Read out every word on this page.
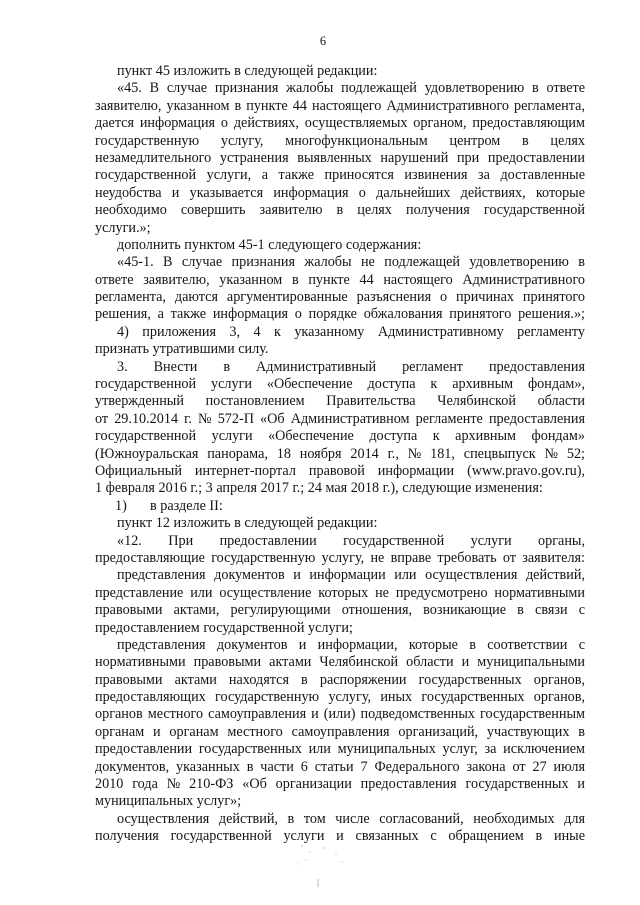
6
пункт 45 изложить в следующей редакции:
«45. В случае признания жалобы подлежащей удовлетворению в ответе
заявителю, указанном в пункте 44 настоящего Административного регламента,
дается информация о действиях, осуществляемых органом, предоставляющим
государственную услугу, многофункциональным центром в целях
незамедлительного устранения выявленных нарушений при предоставлении
государственной услуги, а также приносятся извинения за доставленные
неудобства и указывается информация о дальнейших действиях, которые
необходимо совершить заявителю в целях получения государственной
услуги.»;
дополнить пунктом 45-1 следующего содержания:
«45-1. В случае признания жалобы не подлежащей удовлетворению в
ответе заявителю, указанном в пункте 44 настоящего Административного
регламента, даются аргументированные разъяснения о причинах принятого
решения, а также информация о порядке обжалования принятого решения.»;
4) приложения 3, 4 к указанному Административному регламенту
признать утратившими силу.
3. Внести в Административный регламент предоставления
государственной услуги «Обеспечение доступа к архивным фондам»,
утвержденный постановлением Правительства Челябинской области
от 29.10.2014 г. № 572-П «Об Административном регламенте предоставления
государственной услуги «Обеспечение доступа к архивным фондам»
(Южноуральская панорама, 18 ноября 2014 г., № 181, спецвыпуск № 52;
Официальный интернет-портал правовой информации (www.pravo.gov.ru),
1 февраля 2016 г.; 3 апреля 2017 г.; 24 мая 2018 г.), следующие изменения:
1) в разделе II:
пункт 12 изложить в следующей редакции:
«12. При предоставлении государственной услуги органы,
предоставляющие государственную услугу, не вправе требовать от заявителя:
представления документов и информации или осуществления действий,
представление или осуществление которых не предусмотрено нормативными
правовыми актами, регулирующими отношения, возникающие в связи с
предоставлением государственной услуги;
представления документов и информации, которые в соответствии с
нормативными правовыми актами Челябинской области и муниципальными
правовыми актами находятся в распоряжении государственных органов,
предоставляющих государственную услугу, иных государственных органов,
органов местного самоуправления и (или) подведомственных государственным
органам и органам местного самоуправления организаций, участвующих в
предоставлении государственных или муниципальных услуг, за исключением
документов, указанных в части 6 статьи 7 Федерального закона от 27 июля
2010 года № 210-ФЗ «Об организации предоставления государственных и
муниципальных услуг»;
осуществления действий, в том числе согласований, необходимых для
получения государственной услуги и связанных с обращением в иные
